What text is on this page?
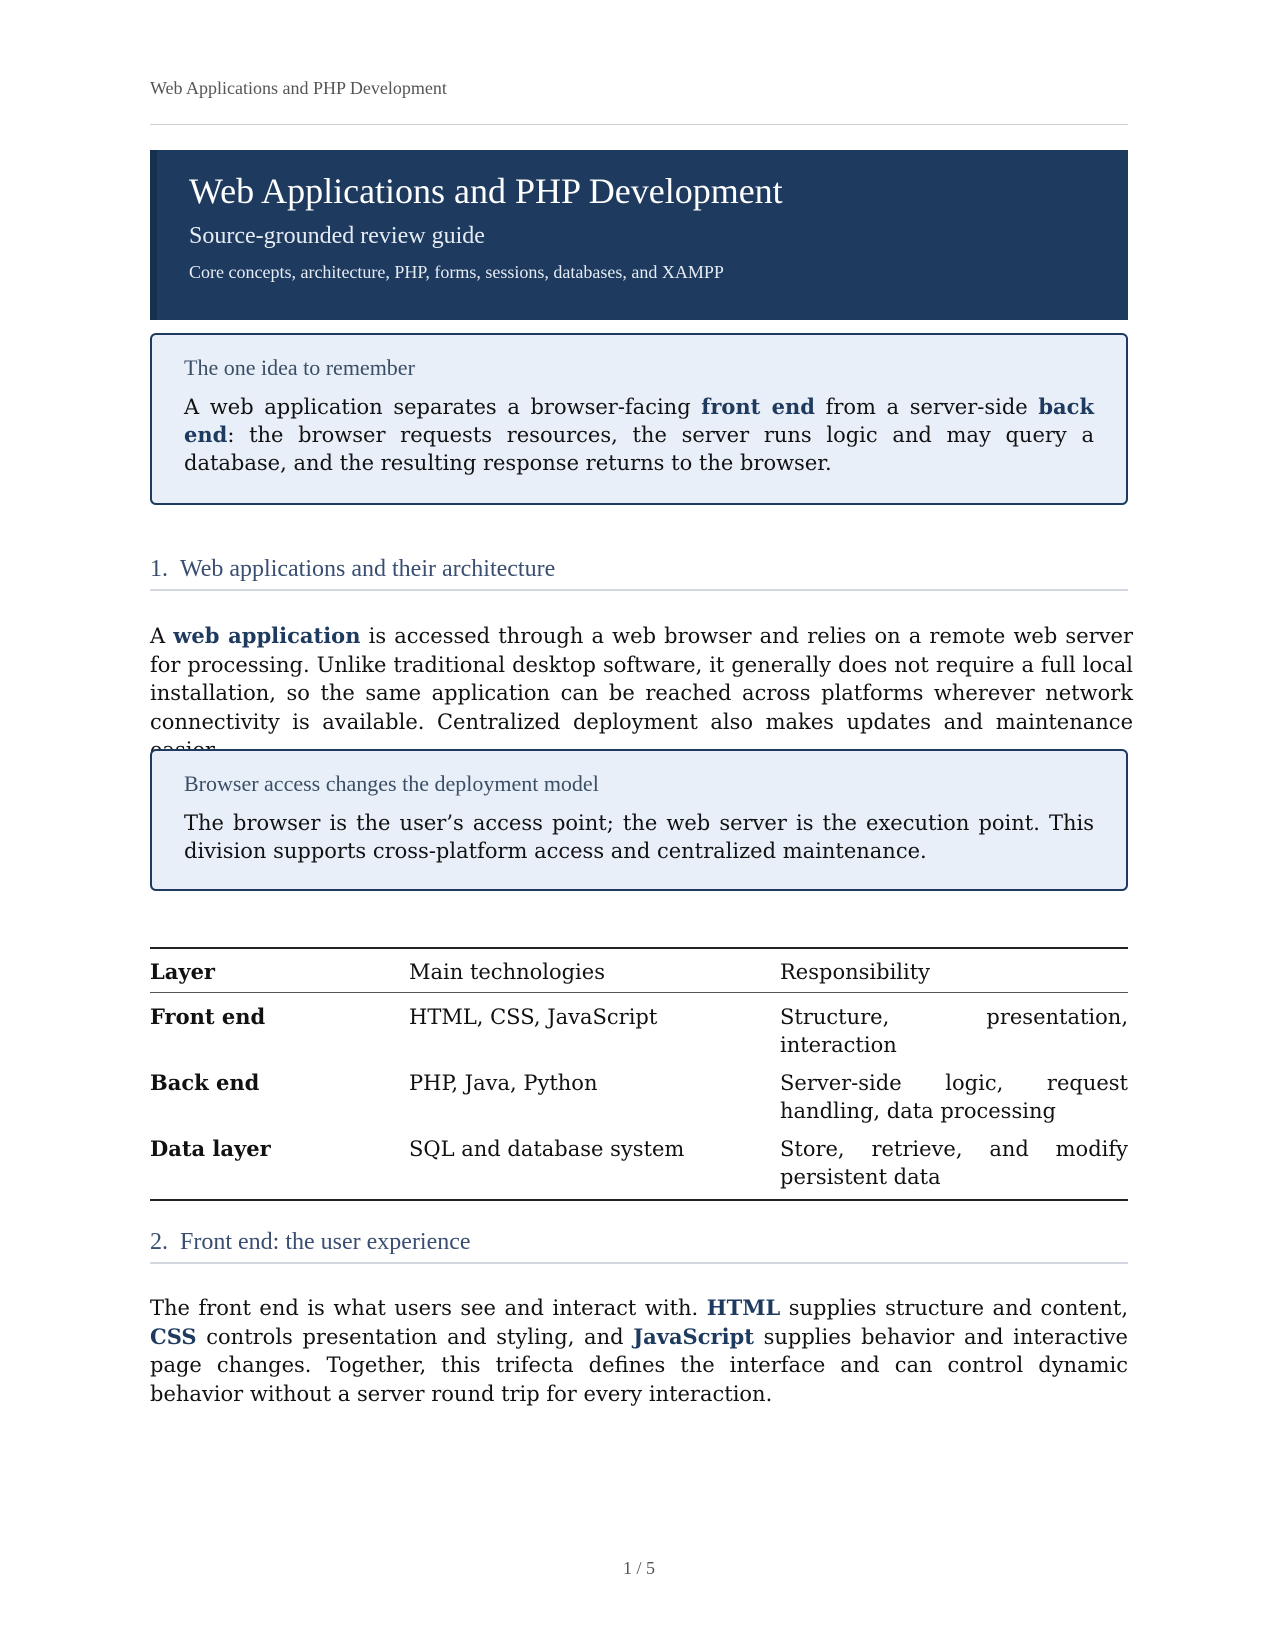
Web Applications and PHP Development
Web Applications and PHP Development
Source-grounded review guide
Core concepts, architecture, PHP, forms, sessions, databases, and XAMPP
The one idea to remember
A web application separates a browser-facing front end from a server-side back end: the browser requests resources, the server runs logic and may query a database, and the resulting response returns to the browser.
1. Web applications and their architecture
A web application is accessed through a web browser and relies on a remote web server for processing. Unlike traditional desktop software, it generally does not require a full local installation, so the same application can be reached across platforms wherever network connectivity is available. Centralized deployment also makes updates and maintenance
Browser access changes the deployment model
The browser is the user’s access point; the web server is the execution point. This division supports cross-platform access and centralized maintenance.
Layer	Main technologies	Responsibility
Front end	HTML, CSS, JavaScript	Structure, presentation, interaction
Back end	PHP, Java, Python	Server-side logic, request handling, data processing
Data layer	SQL and database system	Store, retrieve, and modify persistent data
2. Front end: the user experience
The front end is what users see and interact with. HTML supplies structure and content, CSS controls presentation and styling, and JavaScript supplies behavior and interactive page changes. Together, this trifecta defines the interface and can control dynamic behavior without a server round trip for every interaction.
1 / 5
